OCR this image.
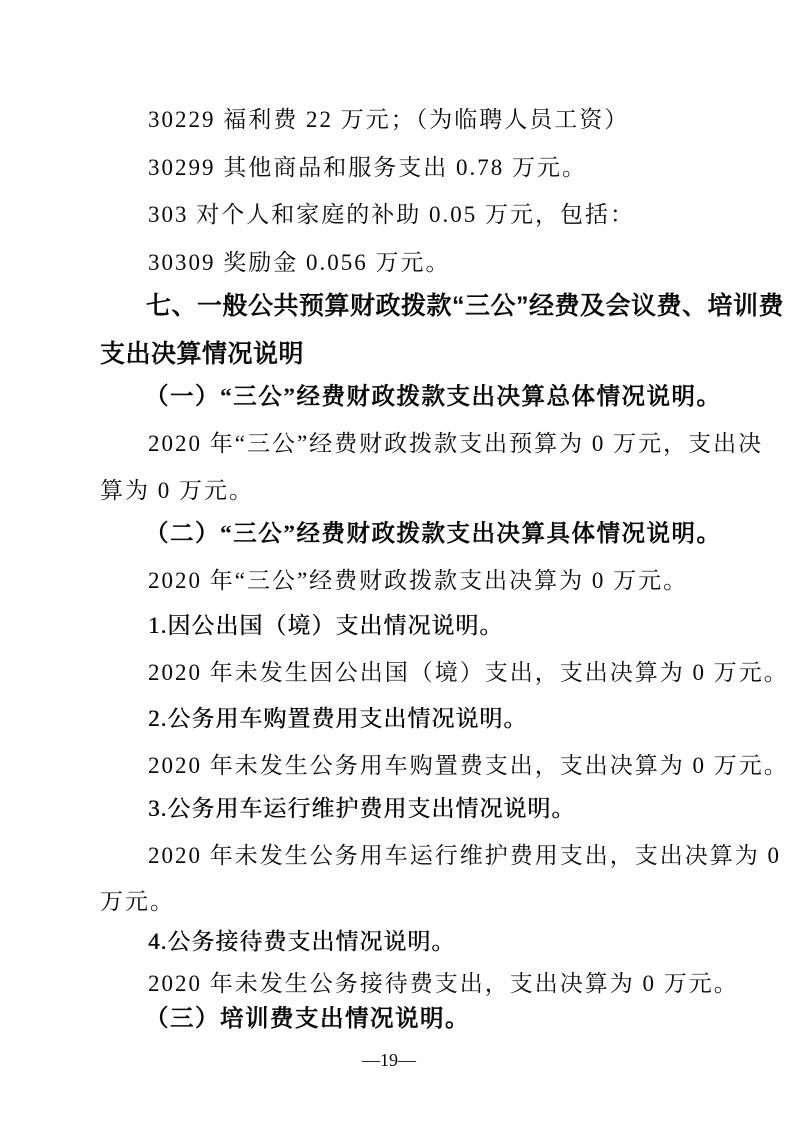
30229 福利费 22 万元；（为临聘人员工资）
30299 其他商品和服务支出 0.78 万元。
303 对个人和家庭的补助 0.05 万元，包括：
30309 奖励金 0.056 万元。
七、一般公共预算财政拨款“三公”经费及会议费、培训费
支出决算情况说明
（一）“三公”经费财政拨款支出决算总体情况说明。
2020 年“三公”经费财政拨款支出预算为 0 万元，支出决
算为 0 万元。
（二）“三公”经费财政拨款支出决算具体情况说明。
2020 年“三公”经费财政拨款支出决算为 0 万元。
1.因公出国（境）支出情况说明。
2020 年未发生因公出国（境）支出，支出决算为 0 万元。
2.公务用车购置费用支出情况说明。
2020 年未发生公务用车购置费支出，支出决算为 0 万元。
3.公务用车运行维护费用支出情况说明。
2020 年未发生公务用车运行维护费用支出，支出决算为 0
万元。
4.公务接待费支出情况说明。
2020 年未发生公务接待费支出，支出决算为 0 万元。
（三）培训费支出情况说明。
—19—
